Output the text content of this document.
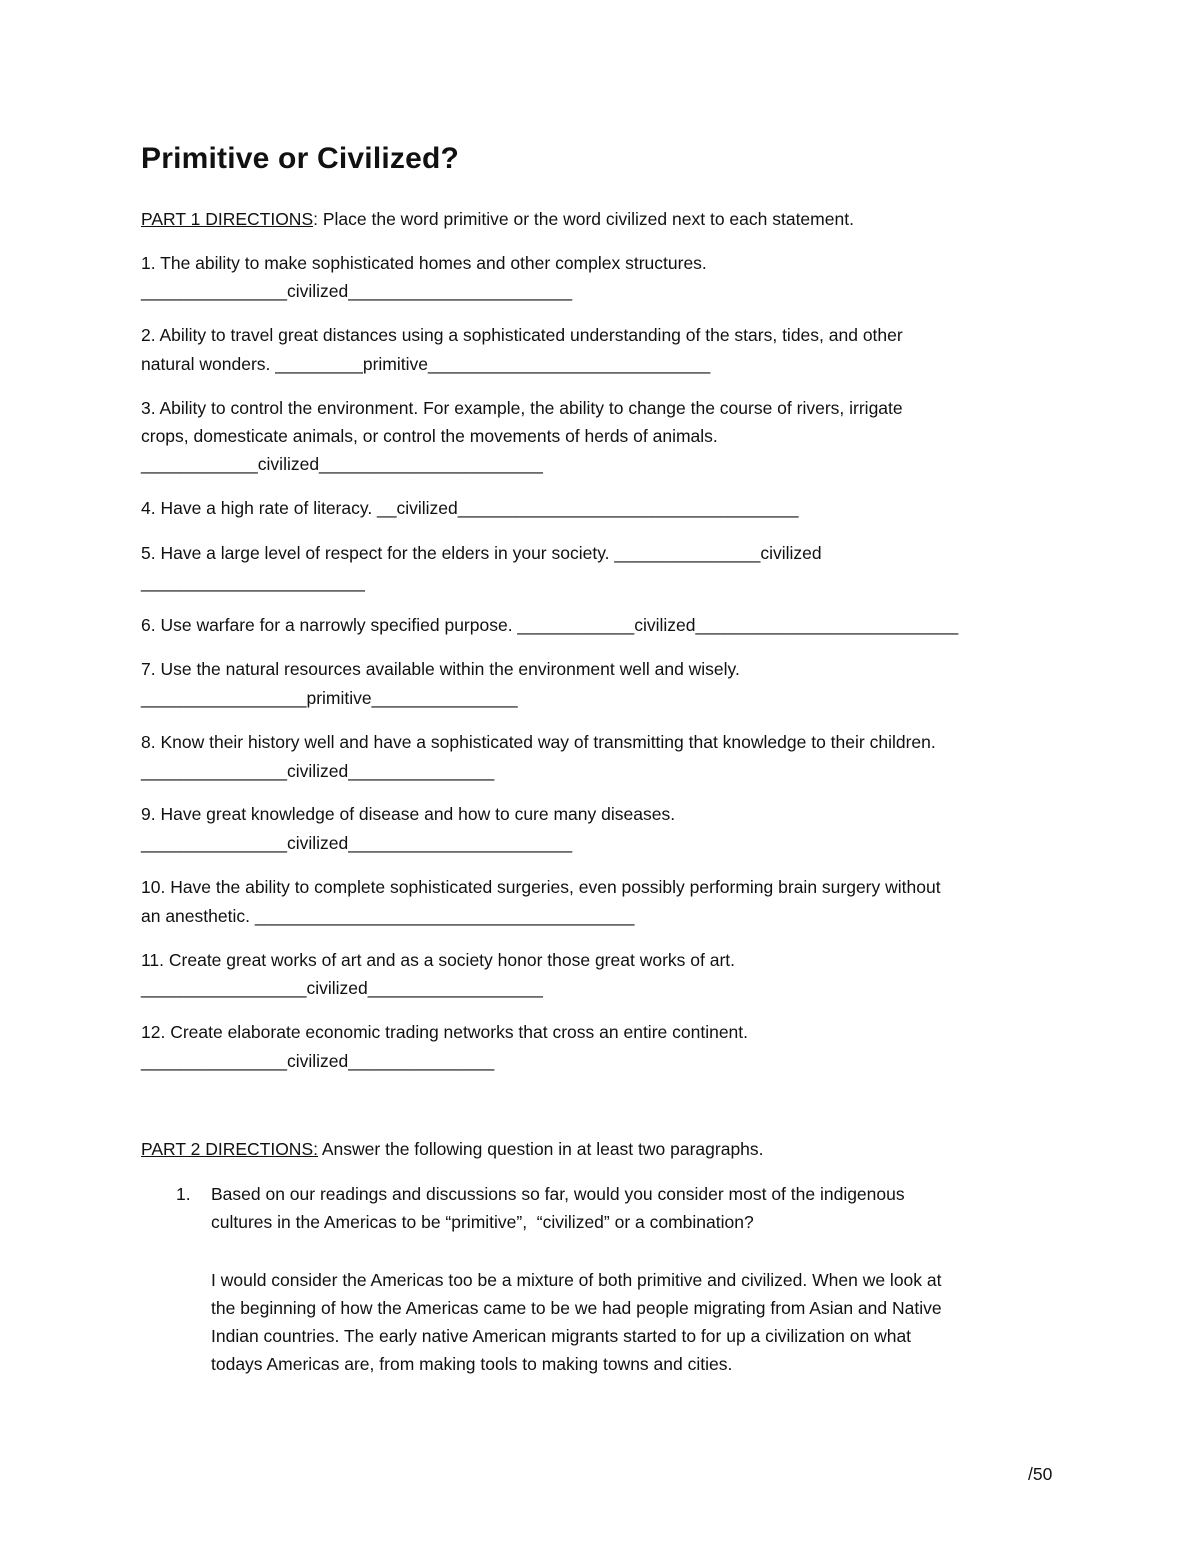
Primitive or Civilized?

PART 1 DIRECTIONS: Place the word primitive or the word civilized next to each statement.

1. The ability to make sophisticated homes and other complex structures.

_______________civilized_______________________

2. Ability to travel great distances using a sophisticated understanding of the stars, tides, and other

natural wonders. _________primitive_____________________________

3. Ability to control the environment. For example, the ability to change the course of rivers, irrigate

crops, domesticate animals, or control the movements of herds of animals.

____________civilized_______________________

4. Have a high rate of literacy. __civilized___________________________________

5. Have a large level of respect for the elders in your society. _______________civilized

_______________________

6. Use warfare for a narrowly specified purpose. ____________civilized___________________________

7. Use the natural resources available within the environment well and wisely.

_________________primitive_______________

8. Know their history well and have a sophisticated way of transmitting that knowledge to their children.

_______________civilized_______________

9. Have great knowledge of disease and how to cure many diseases.

_______________civilized_______________________

10. Have the ability to complete sophisticated surgeries, even possibly performing brain surgery without

an anesthetic. _______________________________________

11. Create great works of art and as a society honor those great works of art.

_________________civilized__________________

12. Create elaborate economic trading networks that cross an entire continent.

_______________civilized_______________

PART 2 DIRECTIONS: Answer the following question in at least two paragraphs.

1. Based on our readings and discussions so far, would you consider most of the indigenous

cultures in the Americas to be “primitive”,  “civilized” or a combination?

I would consider the Americas too be a mixture of both primitive and civilized. When we look at

the beginning of how the Americas came to be we had people migrating from Asian and Native

Indian countries. The early native American migrants started to for up a civilization on what

todays Americas are, from making tools to making towns and cities.

/50
